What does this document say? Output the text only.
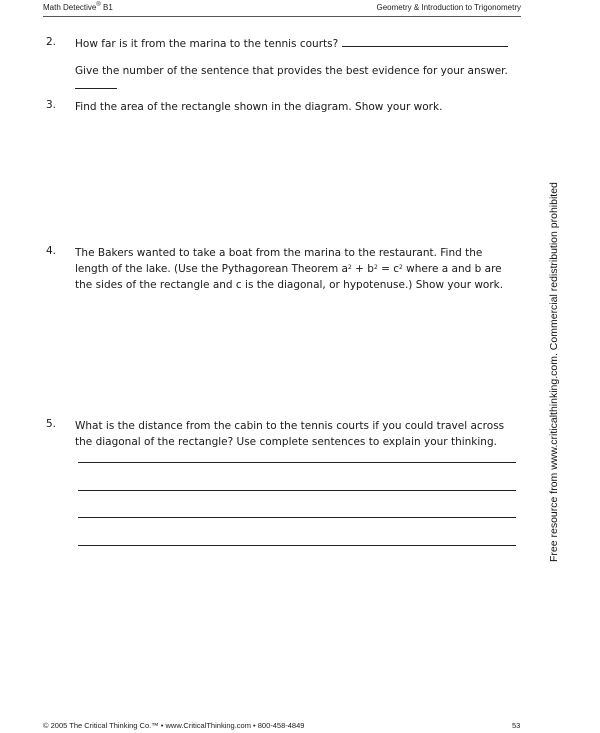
Math Detective® B1	Geometry & Introduction to Trigonometry
2. How far is it from the marina to the tennis courts?
Give the number of the sentence that provides the best evidence for your answer.
3. Find the area of the rectangle shown in the diagram. Show your work.
4. The Bakers wanted to take a boat from the marina to the restaurant. Find the
length of the lake. (Use the Pythagorean Theorem $a^2 + b^2 = c^2$ where a and b are
the sides of the rectangle and c is the diagonal, or hypotenuse.) Show your work.
5. What is the distance from the cabin to the tennis courts if you could travel across
the diagonal of the rectangle? Use complete sentences to explain your thinking.	Free resource from www.criticalthinking.com. Commercial redistribution prohibited
© 2005 The Critical Thinking Co.™ • www.CriticalThinking.com • 800-458-4849	53
